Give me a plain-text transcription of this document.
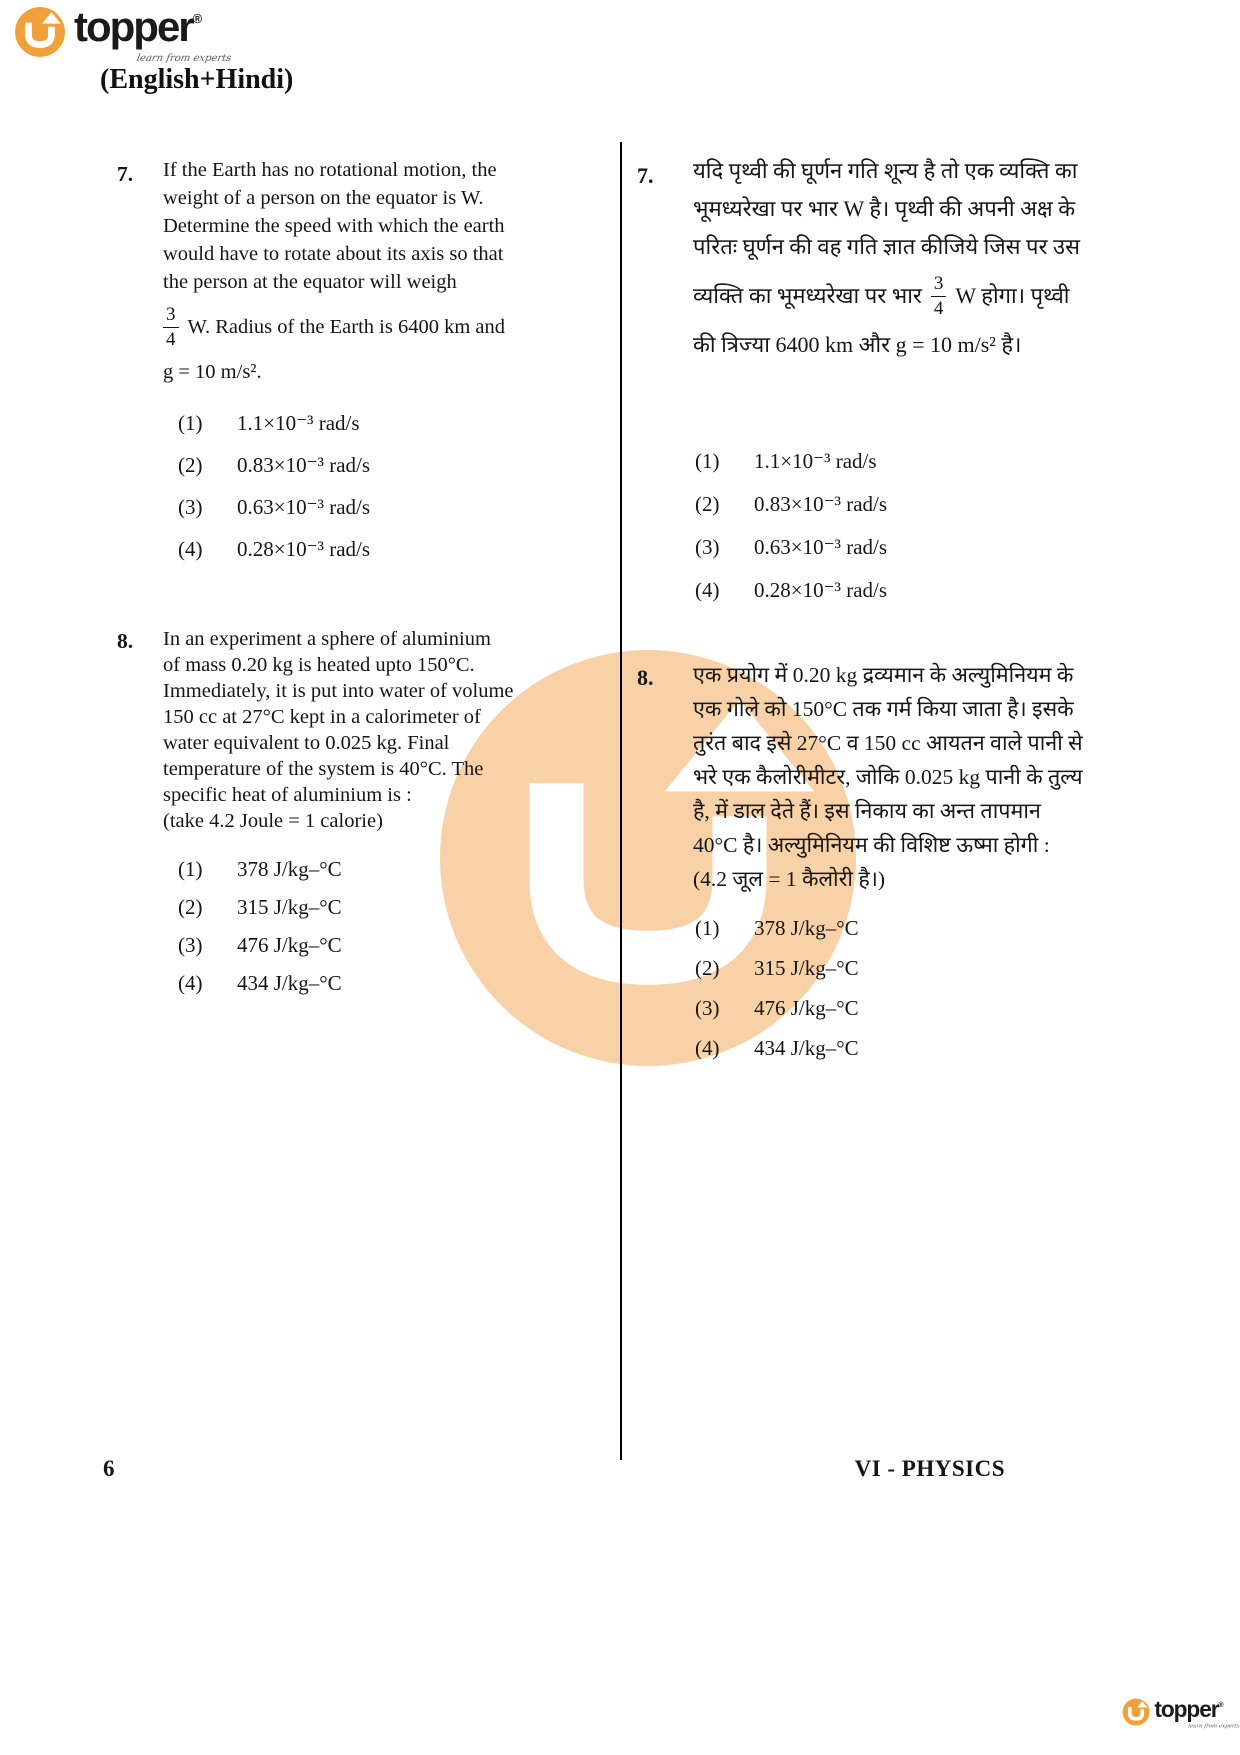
topper®
learn from experts
(English+Hindi)
7. If the Earth has no rotational motion, the
weight of a person on the equator is W.
Determine the speed with which the earth
would have to rotate about its axis so that
the person at the equator will weigh
$\frac{3}{4} W$. Radius of the Earth is 6400 km and
g = 10 m/s².
(1) 1.1×10⁻³ rad/s
(2) 0.83×10⁻³ rad/s
(3) 0.63×10⁻³ rad/s
(4) 0.28×10⁻³ rad/s
8. In an experiment a sphere of aluminium
of mass 0.20 kg is heated upto 150°C.
Immediately, it is put into water of volume
150 cc at 27°C kept in a calorimeter of
water equivalent to 0.025 kg. Final
temperature of the system is 40°C. The
specific heat of aluminium is :
(take 4.2 Joule = 1 calorie)
(1) 378 J/kg–°C
(2) 315 J/kg–°C
(3) 476 J/kg–°C
(4) 434 J/kg–°C
7. यदि पृथ्वी की घूर्णन गति शून्य है तो एक व्यक्ति का
भूमध्यरेखा पर भार W है। पृथ्वी की अपनी अक्ष के
परितः घूर्णन की वह गति ज्ञात कीजिये जिस पर उस
व्यक्ति का भूमध्यरेखा पर भार $\frac{3}{4}$ W होगा। पृथ्वी
की त्रिज्या 6400 km और g = 10 m/s² है।
(1) 1.1×10⁻³ rad/s
(2) 0.83×10⁻³ rad/s
(3) 0.63×10⁻³ rad/s
(4) 0.28×10⁻³ rad/s
8. एक प्रयोग में 0.20 kg द्रव्यमान के अल्युमिनियम के
एक गोले को 150°C तक गर्म किया जाता है। इसके
तुरंत बाद इसे 27°C व 150 cc आयतन वाले पानी से
भरे एक कैलोरीमीटर, जोकि 0.025 kg पानी के तुल्य
है, में डाल देते हैं। इस निकाय का अन्त तापमान
40°C है। अल्युमिनियम की विशिष्ट ऊष्मा होगी :
(4.2 जूल = 1 कैलोरी है।)
(1) 378 J/kg–°C
(2) 315 J/kg–°C
(3) 476 J/kg–°C
(4) 434 J/kg–°C
6	VI - PHYSICS
topper®
learn from experts
